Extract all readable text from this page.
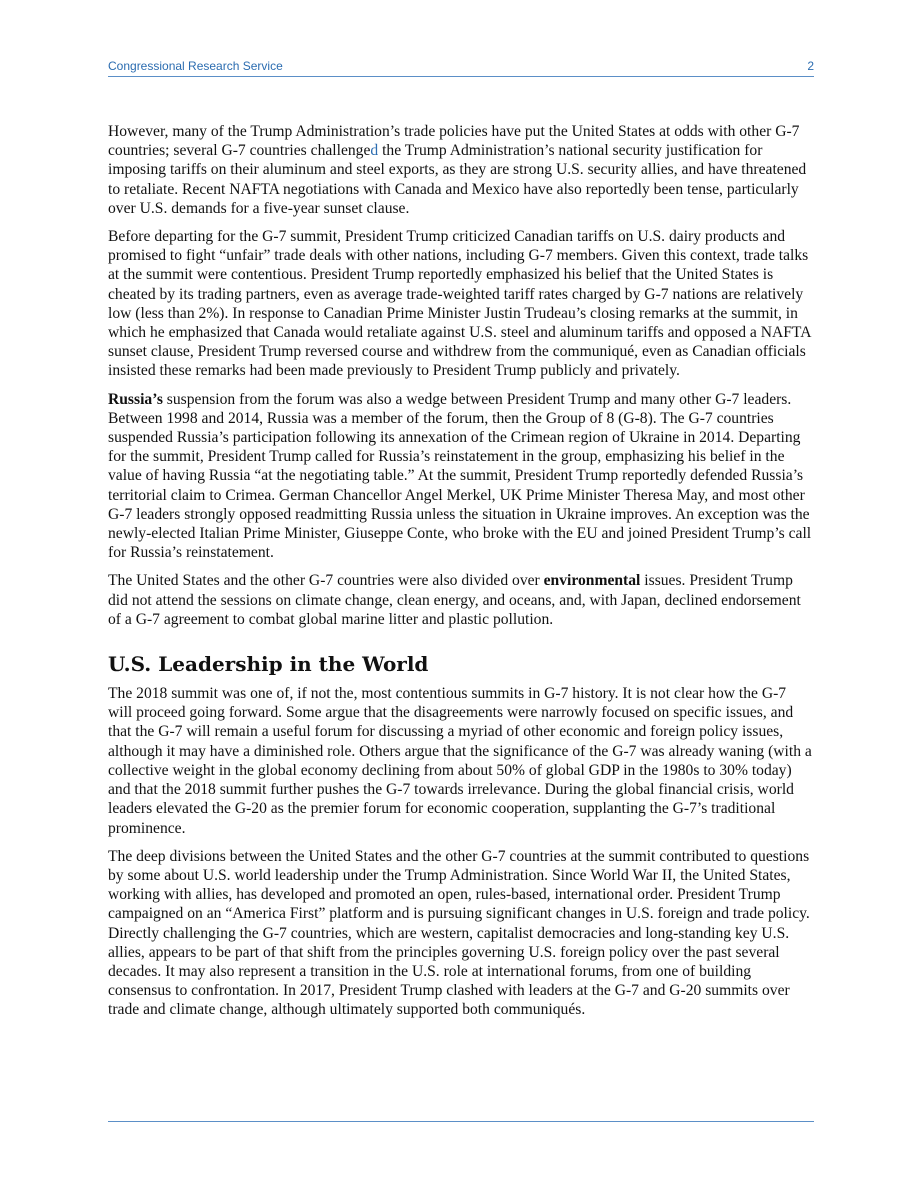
Congressional Research Service	2

However, many of the Trump Administration’s trade policies have put the United States at odds with other G-7 countries; several G-7 countries challenged the Trump Administration’s national security justification for imposing tariffs on their aluminum and steel exports, as they are strong U.S. security allies, and have threatened to retaliate. Recent NAFTA negotiations with Canada and Mexico have also reportedly been tense, particularly over U.S. demands for a five-year sunset clause.

Before departing for the G-7 summit, President Trump criticized Canadian tariffs on U.S. dairy products and promised to fight “unfair” trade deals with other nations, including G-7 members. Given this context, trade talks at the summit were contentious. President Trump reportedly emphasized his belief that the United States is cheated by its trading partners, even as average trade-weighted tariff rates charged by G-7 nations are relatively low (less than 2%). In response to Canadian Prime Minister Justin Trudeau’s closing remarks at the summit, in which he emphasized that Canada would retaliate against U.S. steel and aluminum tariffs and opposed a NAFTA sunset clause, President Trump reversed course and withdrew from the communiqué, even as Canadian officials insisted these remarks had been made previously to President Trump publicly and privately.

Russia’s suspension from the forum was also a wedge between President Trump and many other G-7 leaders. Between 1998 and 2014, Russia was a member of the forum, then the Group of 8 (G-8). The G-7 countries suspended Russia’s participation following its annexation of the Crimean region of Ukraine in 2014. Departing for the summit, President Trump called for Russia’s reinstatement in the group, emphasizing his belief in the value of having Russia “at the negotiating table.” At the summit, President Trump reportedly defended Russia’s territorial claim to Crimea. German Chancellor Angel Merkel, UK Prime Minister Theresa May, and most other G-7 leaders strongly opposed readmitting Russia unless the situation in Ukraine improves. An exception was the newly-elected Italian Prime Minister, Giuseppe Conte, who broke with the EU and joined President Trump’s call for Russia’s reinstatement.

The United States and the other G-7 countries were also divided over environmental issues. President Trump did not attend the sessions on climate change, clean energy, and oceans, and, with Japan, declined endorsement of a G-7 agreement to combat global marine litter and plastic pollution.

U.S. Leadership in the World

The 2018 summit was one of, if not the, most contentious summits in G-7 history. It is not clear how the G-7 will proceed going forward. Some argue that the disagreements were narrowly focused on specific issues, and that the G-7 will remain a useful forum for discussing a myriad of other economic and foreign policy issues, although it may have a diminished role. Others argue that the significance of the G-7 was already waning (with a collective weight in the global economy declining from about 50% of global GDP in the 1980s to 30% today) and that the 2018 summit further pushes the G-7 towards irrelevance. During the global financial crisis, world leaders elevated the G-20 as the premier forum for economic cooperation, supplanting the G-7’s traditional prominence.

The deep divisions between the United States and the other G-7 countries at the summit contributed to questions by some about U.S. world leadership under the Trump Administration. Since World War II, the United States, working with allies, has developed and promoted an open, rules-based, international order. President Trump campaigned on an “America First” platform and is pursuing significant changes in U.S. foreign and trade policy. Directly challenging the G-7 countries, which are western, capitalist democracies and long-standing key U.S. allies, appears to be part of that shift from the principles governing U.S. foreign policy over the past several decades. It may also represent a transition in the U.S. role at international forums, from one of building consensus to confrontation. In 2017, President Trump clashed with leaders at the G-7 and G-20 summits over trade and climate change, although ultimately supported both communiqués.
